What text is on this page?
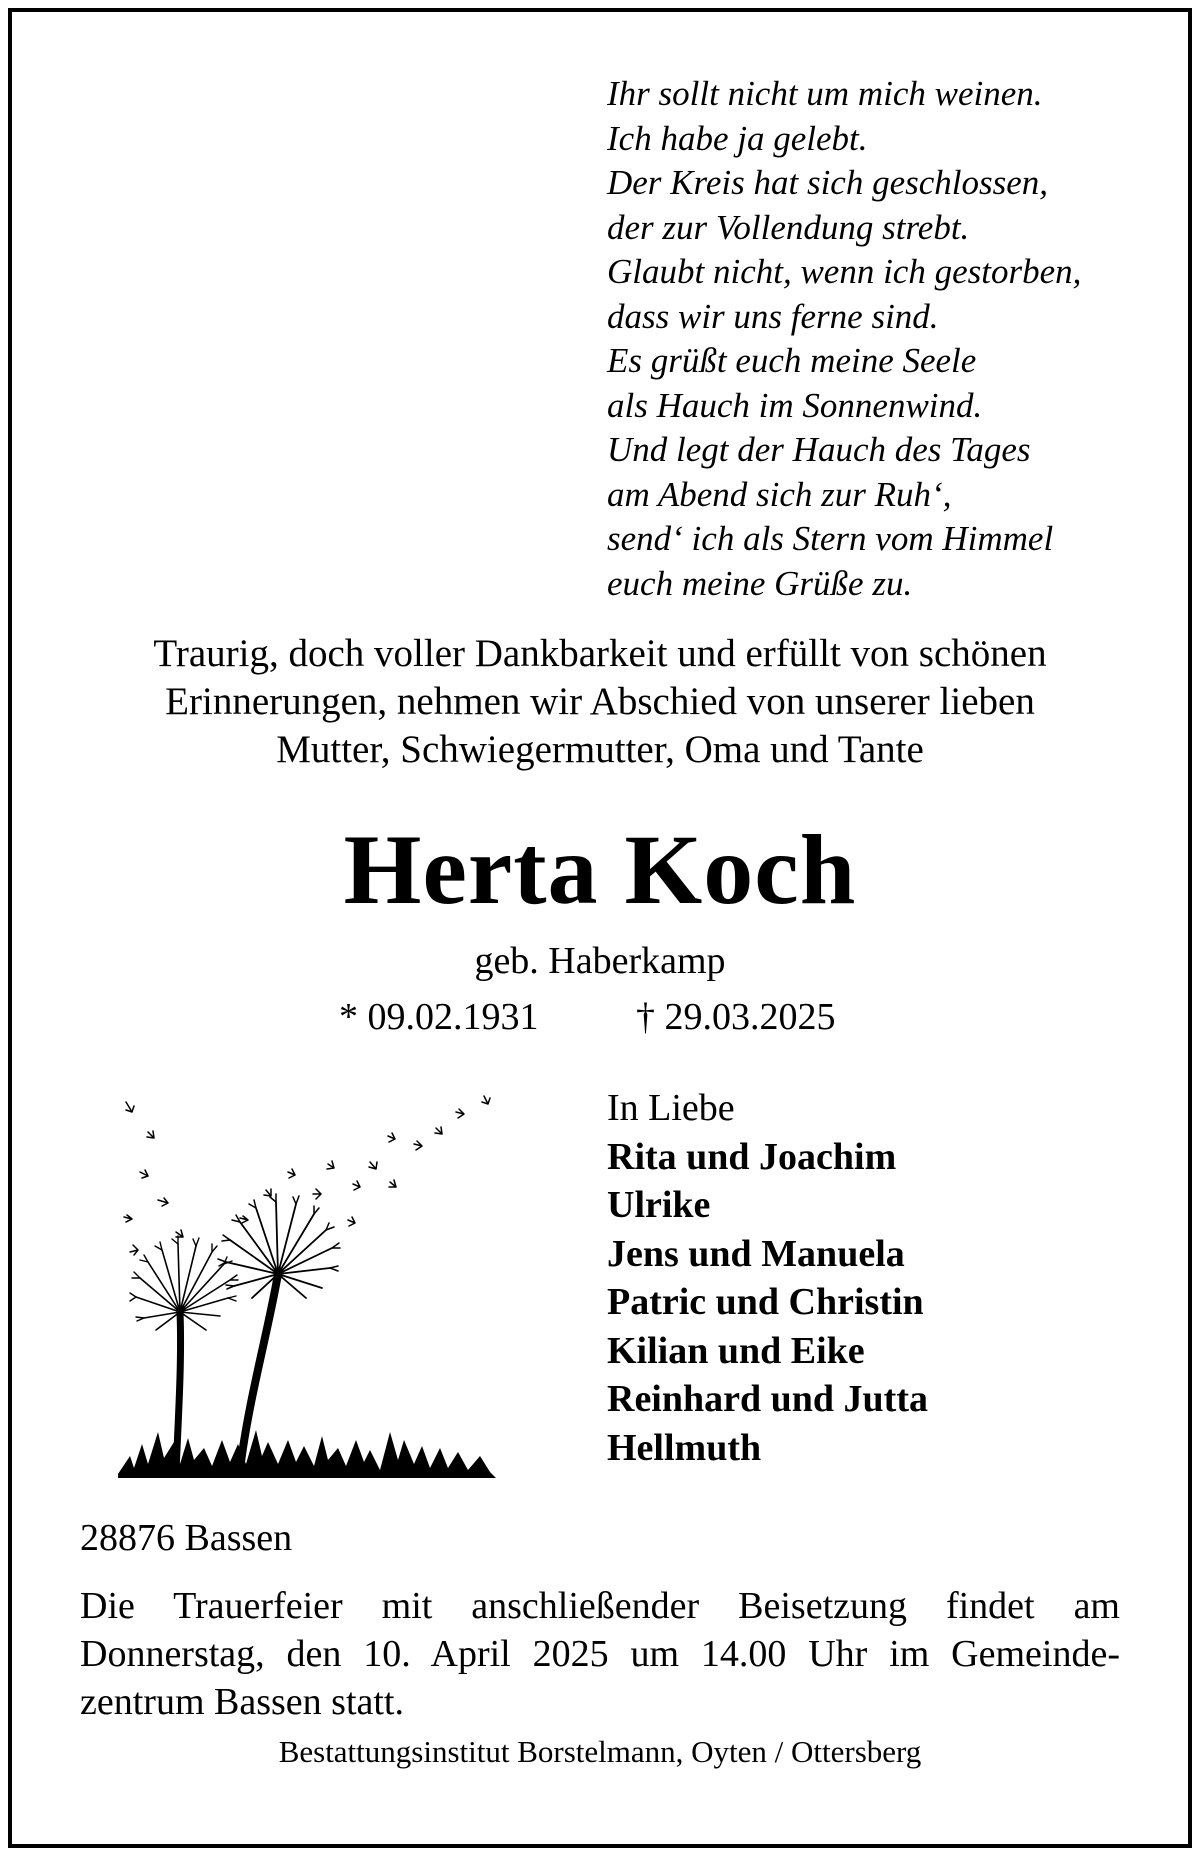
Ihr sollt nicht um mich weinen.
Ich habe ja gelebt.
Der Kreis hat sich geschlossen,
der zur Vollendung strebt.
Glaubt nicht, wenn ich gestorben,
dass wir uns ferne sind.
Es grüßt euch meine Seele
als Hauch im Sonnenwind.
Und legt der Hauch des Tages
am Abend sich zur Ruh‘,
send‘ ich als Stern vom Himmel
euch meine Grüße zu.
Traurig, doch voller Dankbarkeit und erfüllt von schönen
Erinnerungen, nehmen wir Abschied von unserer lieben
Mutter, Schwiegermutter, Oma und Tante
Herta Koch
geb. Haberkamp
* 09.02.1931	† 29.03.2025
In Liebe
Rita und Joachim
Ulrike
Jens und Manuela
Patric und Christin
Kilian und Eike
Reinhard und Jutta
Hellmuth
28876 Bassen
Die Trauerfeier mit anschließender Beisetzung findet am
Donnerstag, den 10. April 2025 um 14.00 Uhr im Gemeinde-
zentrum Bassen statt.
Bestattungsinstitut Borstelmann, Oyten / Ottersberg
